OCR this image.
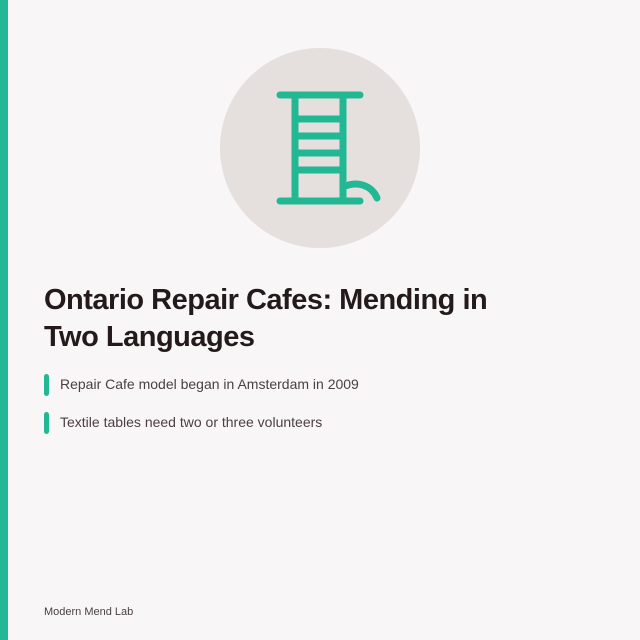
Ontario Repair Cafes: Mending in Two Languages
Repair Cafe model began in Amsterdam in 2009
Textile tables need two or three volunteers
Modern Mend Lab
